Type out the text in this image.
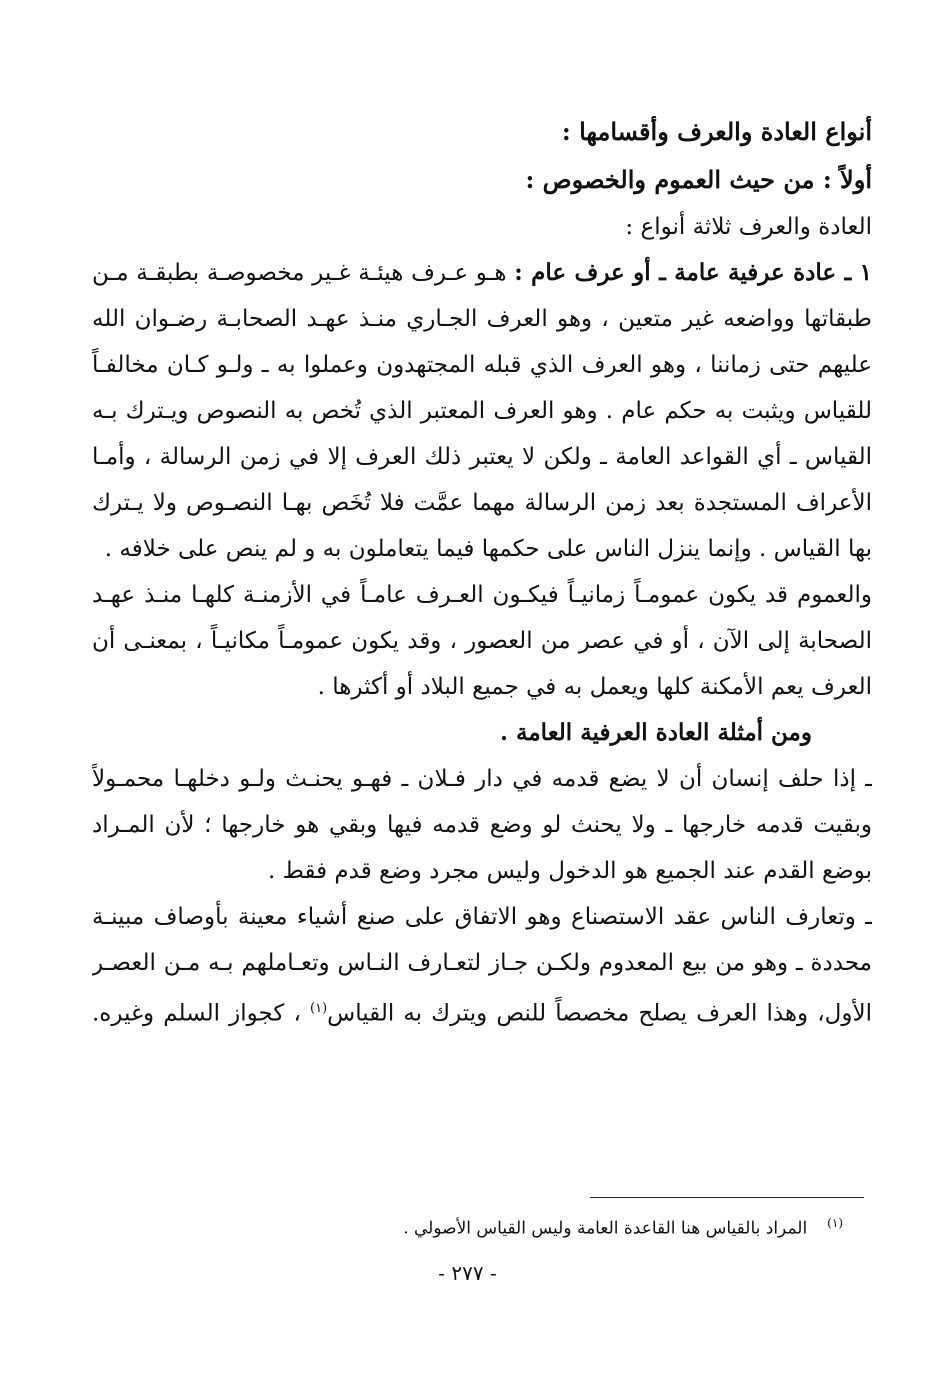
أنواع العادة والعرف وأقسامها :
أولاً : من حيث العموم والخصوص :
العادة والعرف ثلاثة أنواع :
١ ـ عادة عرفية عامة ـ أو عرف عام : هـو عـرف هيئـة غـير مخصوصـة بطبقـة مـن
طبقاتها وواضعه غير متعين ، وهو العرف الجـاري منـذ عهـد الصحابـة رضـوان الله
عليهم حتى زماننا ، وهو العرف الذي قبله المجتهدون وعملوا به ـ ولـو كـان مخالفـاً
للقياس ويثبت به حكم عام . وهو العرف المعتبر الذي تُخص به النصوص ويـترك بـه
القياس ـ أي القواعد العامة ـ ولكن لا يعتبر ذلك العرف إلا في زمن الرسالة ، وأمـا
الأعراف المستجدة بعد زمن الرسالة مهما عمَّت فلا تُخَص بهـا النصـوص ولا يـترك
بها القياس . وإنما ينزل الناس على حكمها فيما يتعاملون به و لم ينص على خلافه .
والعموم قد يكون عمومـاً زمانيـاً فيكـون العـرف عامـاً في الأزمنـة كلهـا منـذ عهـد
الصحابة إلى الآن ، أو في عصر من العصور ، وقد يكون عمومـاً مكانيـاً ، بمعنـى أن
العرف يعم الأمكنة كلها ويعمل به في جميع البلاد أو أكثرها .
ومن أمثلة العادة العرفية العامة .
ـ إذا حلف إنسان أن لا يضع قدمه في دار فـلان ـ فهـو يحنـث ولـو دخلهـا محمـولاً
وبقيت قدمه خارجها ـ ولا يحنث لو وضع قدمه فيها وبقي هو خارجها ؛ لأن المـراد
بوضع القدم عند الجميع هو الدخول وليس مجرد وضع قدم فقط .
ـ وتعارف الناس عقد الاستصناع وهو الاتفاق على صنع أشياء معينة بأوصاف مبينـة
محددة ـ وهو من بيع المعدوم ولكـن جـاز لتعـارف النـاس وتعـاملهم بـه مـن العصـر
الأول، وهذا العرف يصلح مخصصاً للنص ويترك به القياس$^{(١)}$ ، كجواز السلم وغيره.
$^{(١)}$المراد بالقياس هنا القاعدة العامة وليس القياس الأصولي .
- ٢٧٧ -
